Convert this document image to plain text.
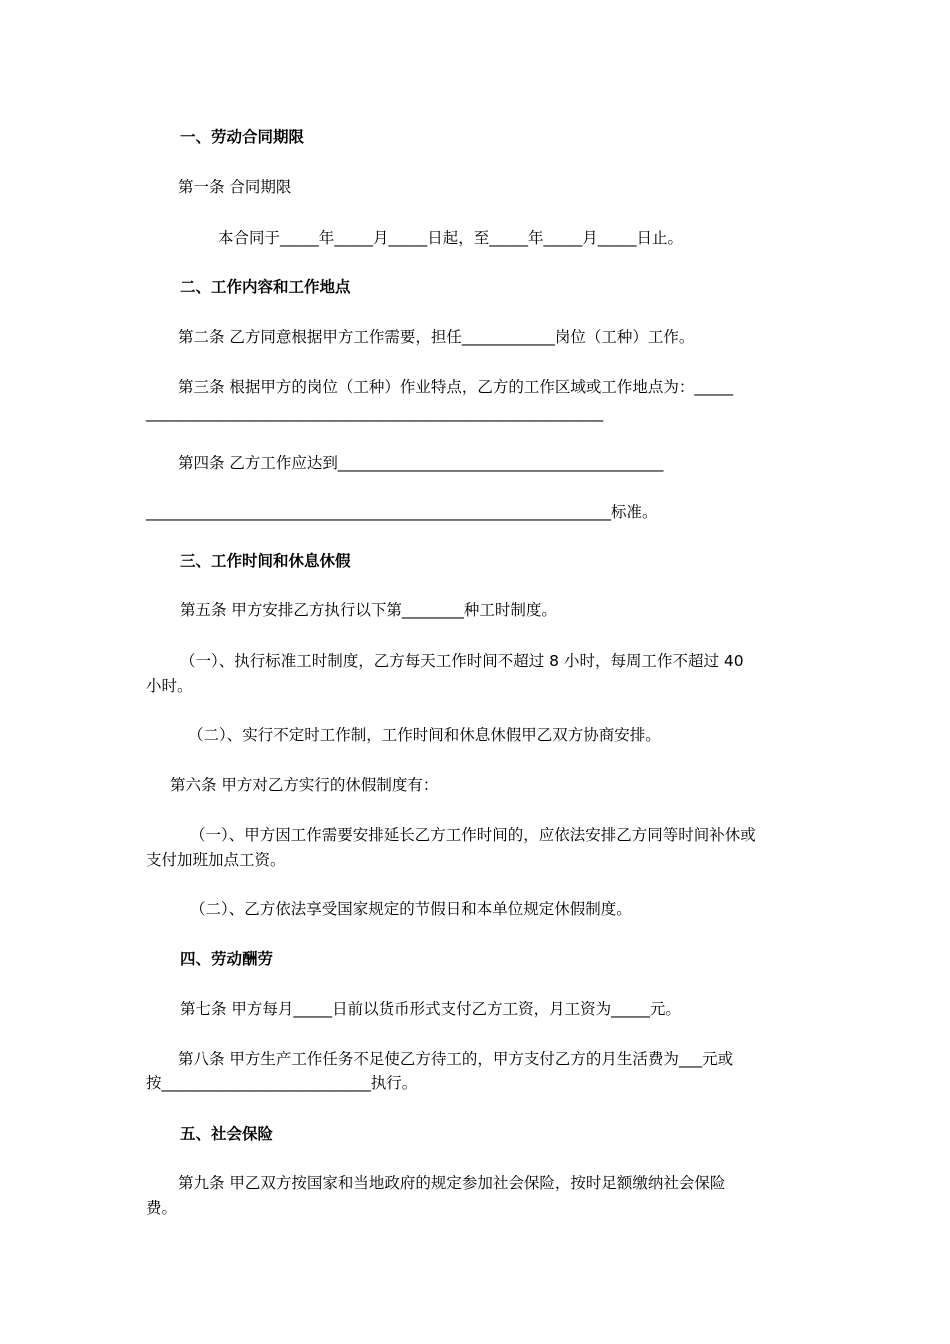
一、劳动合同期限

第一条 合同期限

本合同于_____年_____月_____日起，至_____年_____月_____日止。

二、工作内容和工作地点

第二条 乙方同意根据甲方工作需要，担任____________岗位（工种）工作。

第三条 根据甲方的岗位（工种）作业特点，乙方的工作区域或工作地点为：_____

___________________________________________________________

第四条 乙方工作应达到__________________________________________

____________________________________________________________标准。

三、工作时间和休息休假

第五条 甲方安排乙方执行以下第________种工时制度。

（一）、执行标准工时制度，乙方每天工作时间不超过 8 小时，每周工作不超过 40

小时。

（二）、实行不定时工作制，工作时间和休息休假甲乙双方协商安排。

第六条 甲方对乙方实行的休假制度有：

（一）、甲方因工作需要安排延长乙方工作时间的，应依法安排乙方同等时间补休或

支付加班加点工资。

（二）、乙方依法享受国家规定的节假日和本单位规定休假制度。

四、劳动酬劳

第七条 甲方每月_____日前以货币形式支付乙方工资，月工资为_____元。

第八条 甲方生产工作任务不足使乙方待工的，甲方支付乙方的月生活费为___元或

按___________________________执行。

五、社会保险

第九条 甲乙双方按国家和当地政府的规定参加社会保险，按时足额缴纳社会保险

费。
